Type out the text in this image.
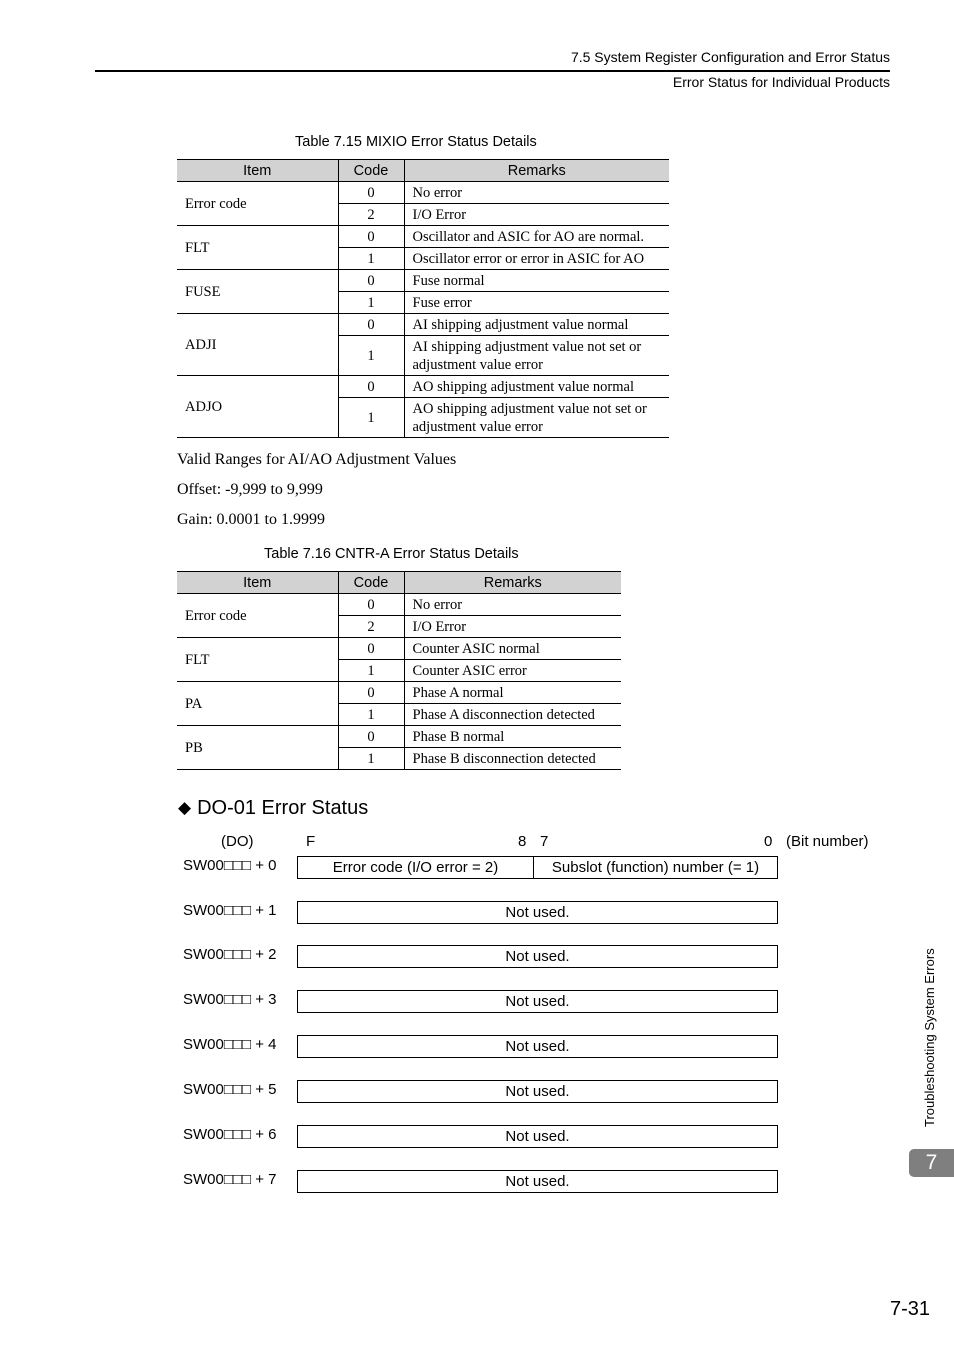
7.5 System Register Configuration and Error Status
Error Status for Individual Products
Table 7.15 MIXIO Error Status Details
Item	Code	Remarks
Error code	0	No error
	2	I/O Error
FLT	0	Oscillator and ASIC for AO are normal.
	1	Oscillator error or error in ASIC for AO
FUSE	0	Fuse normal
	1	Fuse error
ADJI	0	AI shipping adjustment value normal
	1	AI shipping adjustment value not set or adjustment value error
ADJO	0	AO shipping adjustment value normal
	1	AO shipping adjustment value not set or adjustment value error
Valid Ranges for AI/AO Adjustment Values
Offset: -9,999 to 9,999
Gain: 0.0001 to 1.9999
Table 7.16 CNTR-A Error Status Details
Item	Code	Remarks
Error code	0	No error
	2	I/O Error
FLT	0	Counter ASIC normal
	1	Counter ASIC error
PA	0	Phase A normal
	1	Phase A disconnection detected
PB	0	Phase B normal
	1	Phase B disconnection detected
◆ DO-01 Error Status
(DO)	F	8 7	0 (Bit number)
SW00□□□ + 0	Error code (I/O error = 2)	Subslot (function) number (= 1)
SW00□□□ + 1	Not used.
SW00□□□ + 2	Not used.
SW00□□□ + 3	Not used.
SW00□□□ + 4	Not used.
SW00□□□ + 5	Not used.
SW00□□□ + 6	Not used.
SW00□□□ + 7	Not used.
Troubleshooting System Errors
7
7-31
